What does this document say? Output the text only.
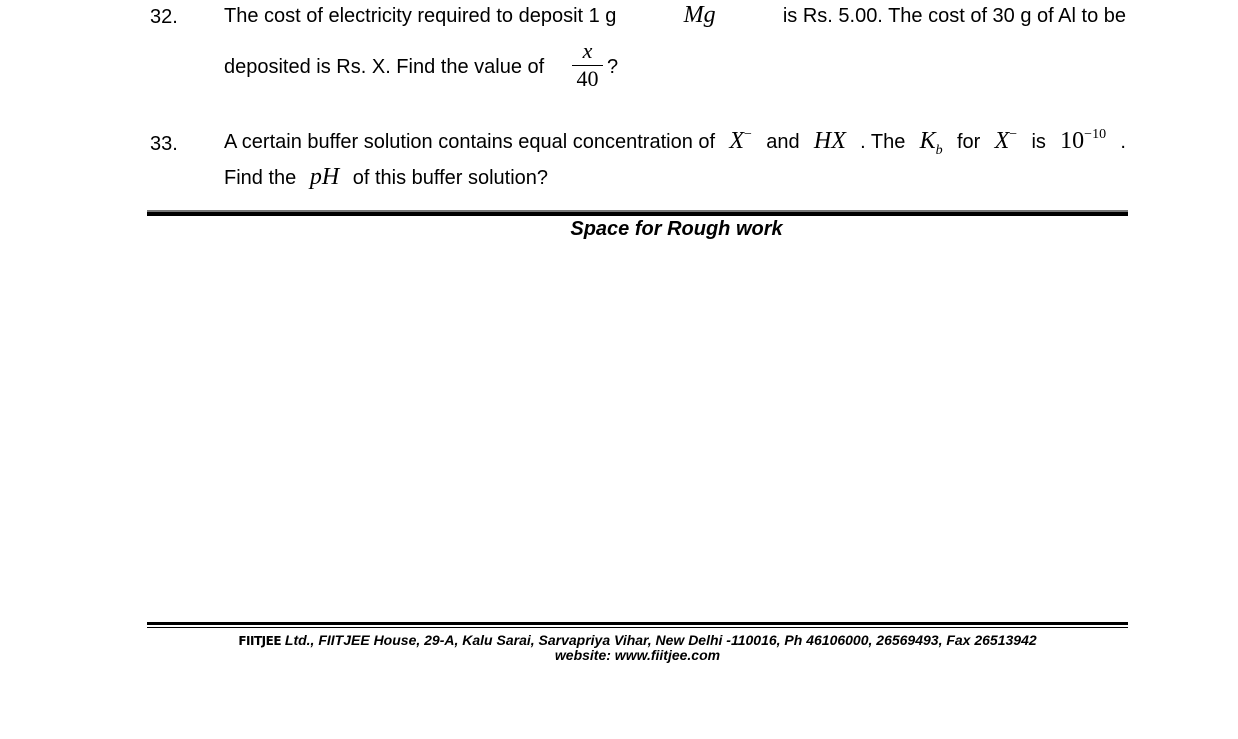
32. The cost of electricity required to deposit 1 g	Mg	is Rs. 5.00. The cost of 30 g of Al to be
deposited is Rs. X. Find the value of
x
40 ?
33. A certain buffer solution contains equal concentration of X− and HX . The $K_b$ for X− is $10^{-10}$ .
Find the pH of this buffer solution?
Space for Rough work
FIITJEE Ltd., FIITJEE House, 29-A, Kalu Sarai, Sarvapriya Vihar, New Delhi -110016, Ph 46106000, 26569493, Fax 26513942
website: www.fiitjee.com
